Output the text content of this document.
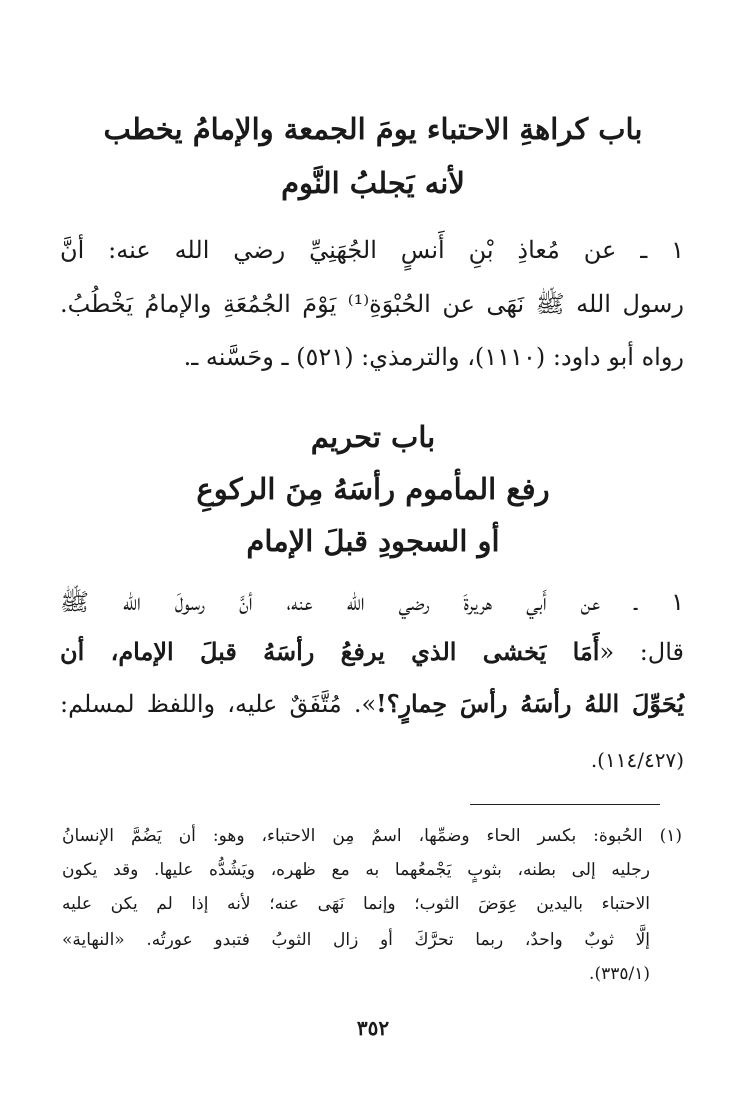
باب كراهةِ الاحتباء يومَ الجمعة والإمامُ يخطب
لأنه يَجلبُ النَّوم
١ ـ عن مُعاذِ بْنِ أَنسٍ الجُهَنِيِّ رضي الله عنه: أنَّ
رسول الله ﷺ نَهَى عن الحُبْوَةِ⁽¹⁾ يَوْمَ الجُمُعَةِ والإمامُ يَخْطُبُ.
رواه أبو داود: (١١١٠)، والترمذي: (٥٢١) ـ وحَسَّنه ـ.
باب تحريم
رفع المأموم رأسَهُ مِنَ الركوعِ
أو السجودِ قبلَ الإمام
١ ـ عن أَبي هريرةَ رضي الله عنه، أنَّ رسولَ الله ﷺ
قال: «أَمَا يَخشى الذي يرفعُ رأسَهُ قبلَ الإمام، أن
يُحَوِّلَ اللهُ رأسَهُ رأسَ حِمارٍ؟!». مُتَّفَقٌ عليه، واللفظ لمسلم:
(١١٤/٤٢٧).
(١) الحُبوة: بكسر الحاء وضمِّها، اسمٌ مِن الاحتباء، وهو: أن يَضُمَّ الإنسانُ
رجليه إلى بطنه، بثوبٍ يَجْمعُهما به مع ظهره، ويَشُدُّه عليها. وقد يكون
الاحتباء باليدين عِوَضَ الثوب؛ وإنما نَهَى عنه؛ لأنه إذا لم يكن عليه
إلَّا ثوبٌ واحدٌ، ربما تحرَّكَ أو زال الثوبُ فتبدو عورتُه. «النهاية»
(٣٣٥/١).
٣٥٢
